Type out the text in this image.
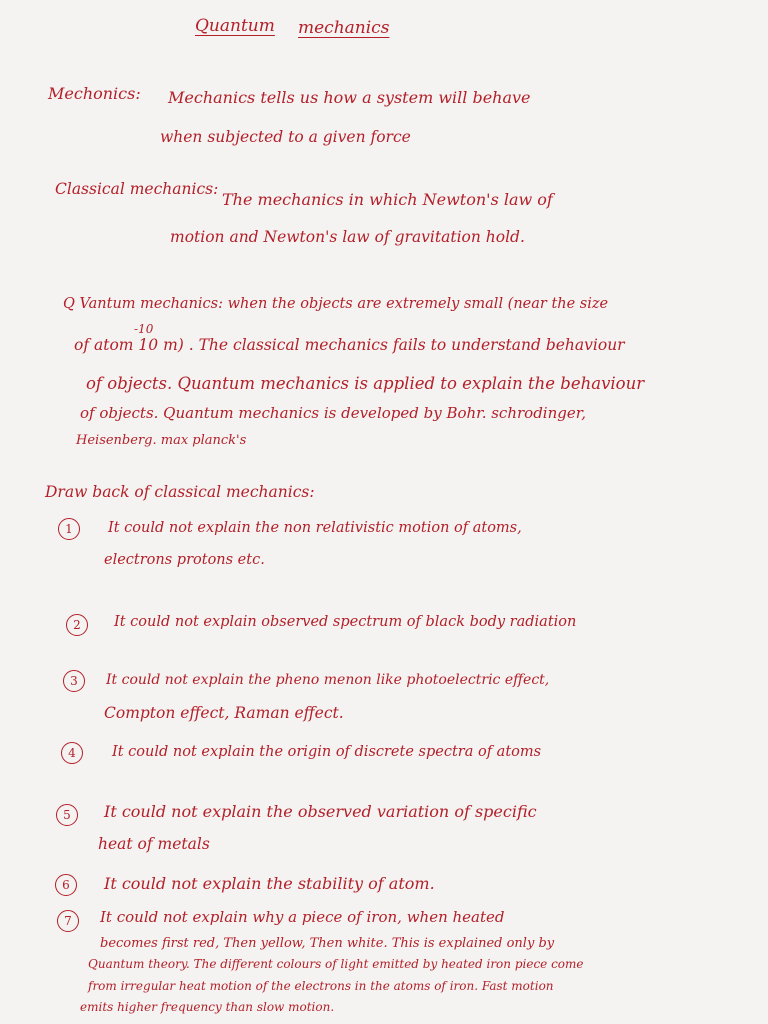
Quantum mechanics
Mechonics: Mechanics tells us how a system will behave
when subjected to a given force
Classical mechanics:
The mechanics in which Newton's law of
motion and Newton's law of gravitation hold.
Q Vantum mechanics: when the objects are extremely small (near the size
-10
of atom 10 m) . The classical mechanics fails to understand behaviour
of objects. Quantum mechanics is applied to explain the behaviour
of objects. Quantum mechanics is developed by Bohr. schrodinger,
Heisenberg. max planck's
Draw back of classical mechanics:
1	It could not explain the non relativistic motion of atoms,
electrons protons etc.
2	It could not explain observed spectrum of black body radiation
3	It could not explain the pheno menon like photoelectric effect,
Compton effect, Raman effect.
4	It could not explain the origin of discrete spectra of atoms
5	It could not explain the observed variation of specific
heat of metals
6	It could not explain the stability of atom.
7	It could not explain why a piece of iron, when heated
becomes first red, Then yellow, Then white. This is explained only by
Quantum theory. The different colours of light emitted by heated iron piece come
from irregular heat motion of the electrons in the atoms of iron. Fast motion
emits higher frequency than slow motion.
